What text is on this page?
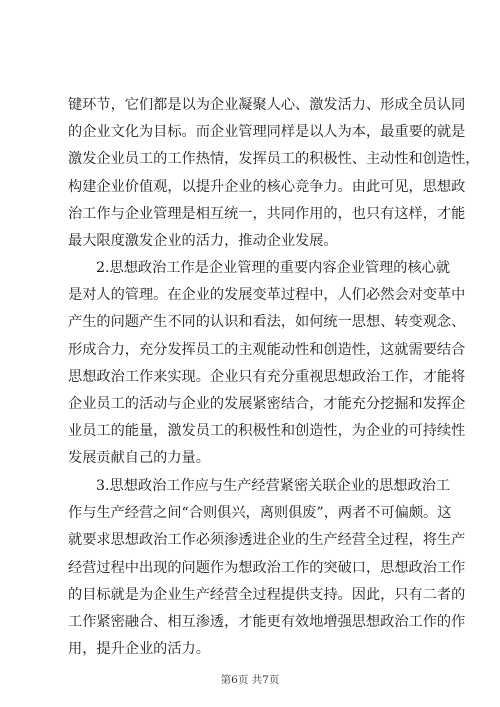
键环节，它们都是以为企业凝聚人心、激发活力、形成全员认同
的企业文化为目标。而企业管理同样是以人为本，最重要的就是
激发企业员工的工作热情，发挥员工的积极性、主动性和创造性，
构建企业价值观，以提升企业的核心竞争力。由此可见，思想政
治工作与企业管理是相互统一，共同作用的，也只有这样，才能
最大限度激发企业的活力，推动企业发展。
2.思想政治工作是企业管理的重要内容企业管理的核心就
是对人的管理。在企业的发展变革过程中，人们必然会对变革中
产生的问题产生不同的认识和看法，如何统一思想、转变观念、
形成合力，充分发挥员工的主观能动性和创造性，这就需要结合
思想政治工作来实现。企业只有充分重视思想政治工作，才能将
企业员工的活动与企业的发展紧密结合，才能充分挖掘和发挥企
业员工的能量，激发员工的积极性和创造性，为企业的可持续性
发展贡献自己的力量。
3.思想政治工作应与生产经营紧密关联企业的思想政治工
作与生产经营之间“合则俱兴，离则俱废”，两者不可偏颇。这
就要求思想政治工作必须渗透进企业的生产经营全过程，将生产
经营过程中出现的问题作为想政治工作的突破口，思想政治工作
的目标就是为企业生产经营全过程提供支持。因此，只有二者的
工作紧密融合、相互渗透，才能更有效地增强思想政治工作的作
用，提升企业的活力。
第6页 共7页
